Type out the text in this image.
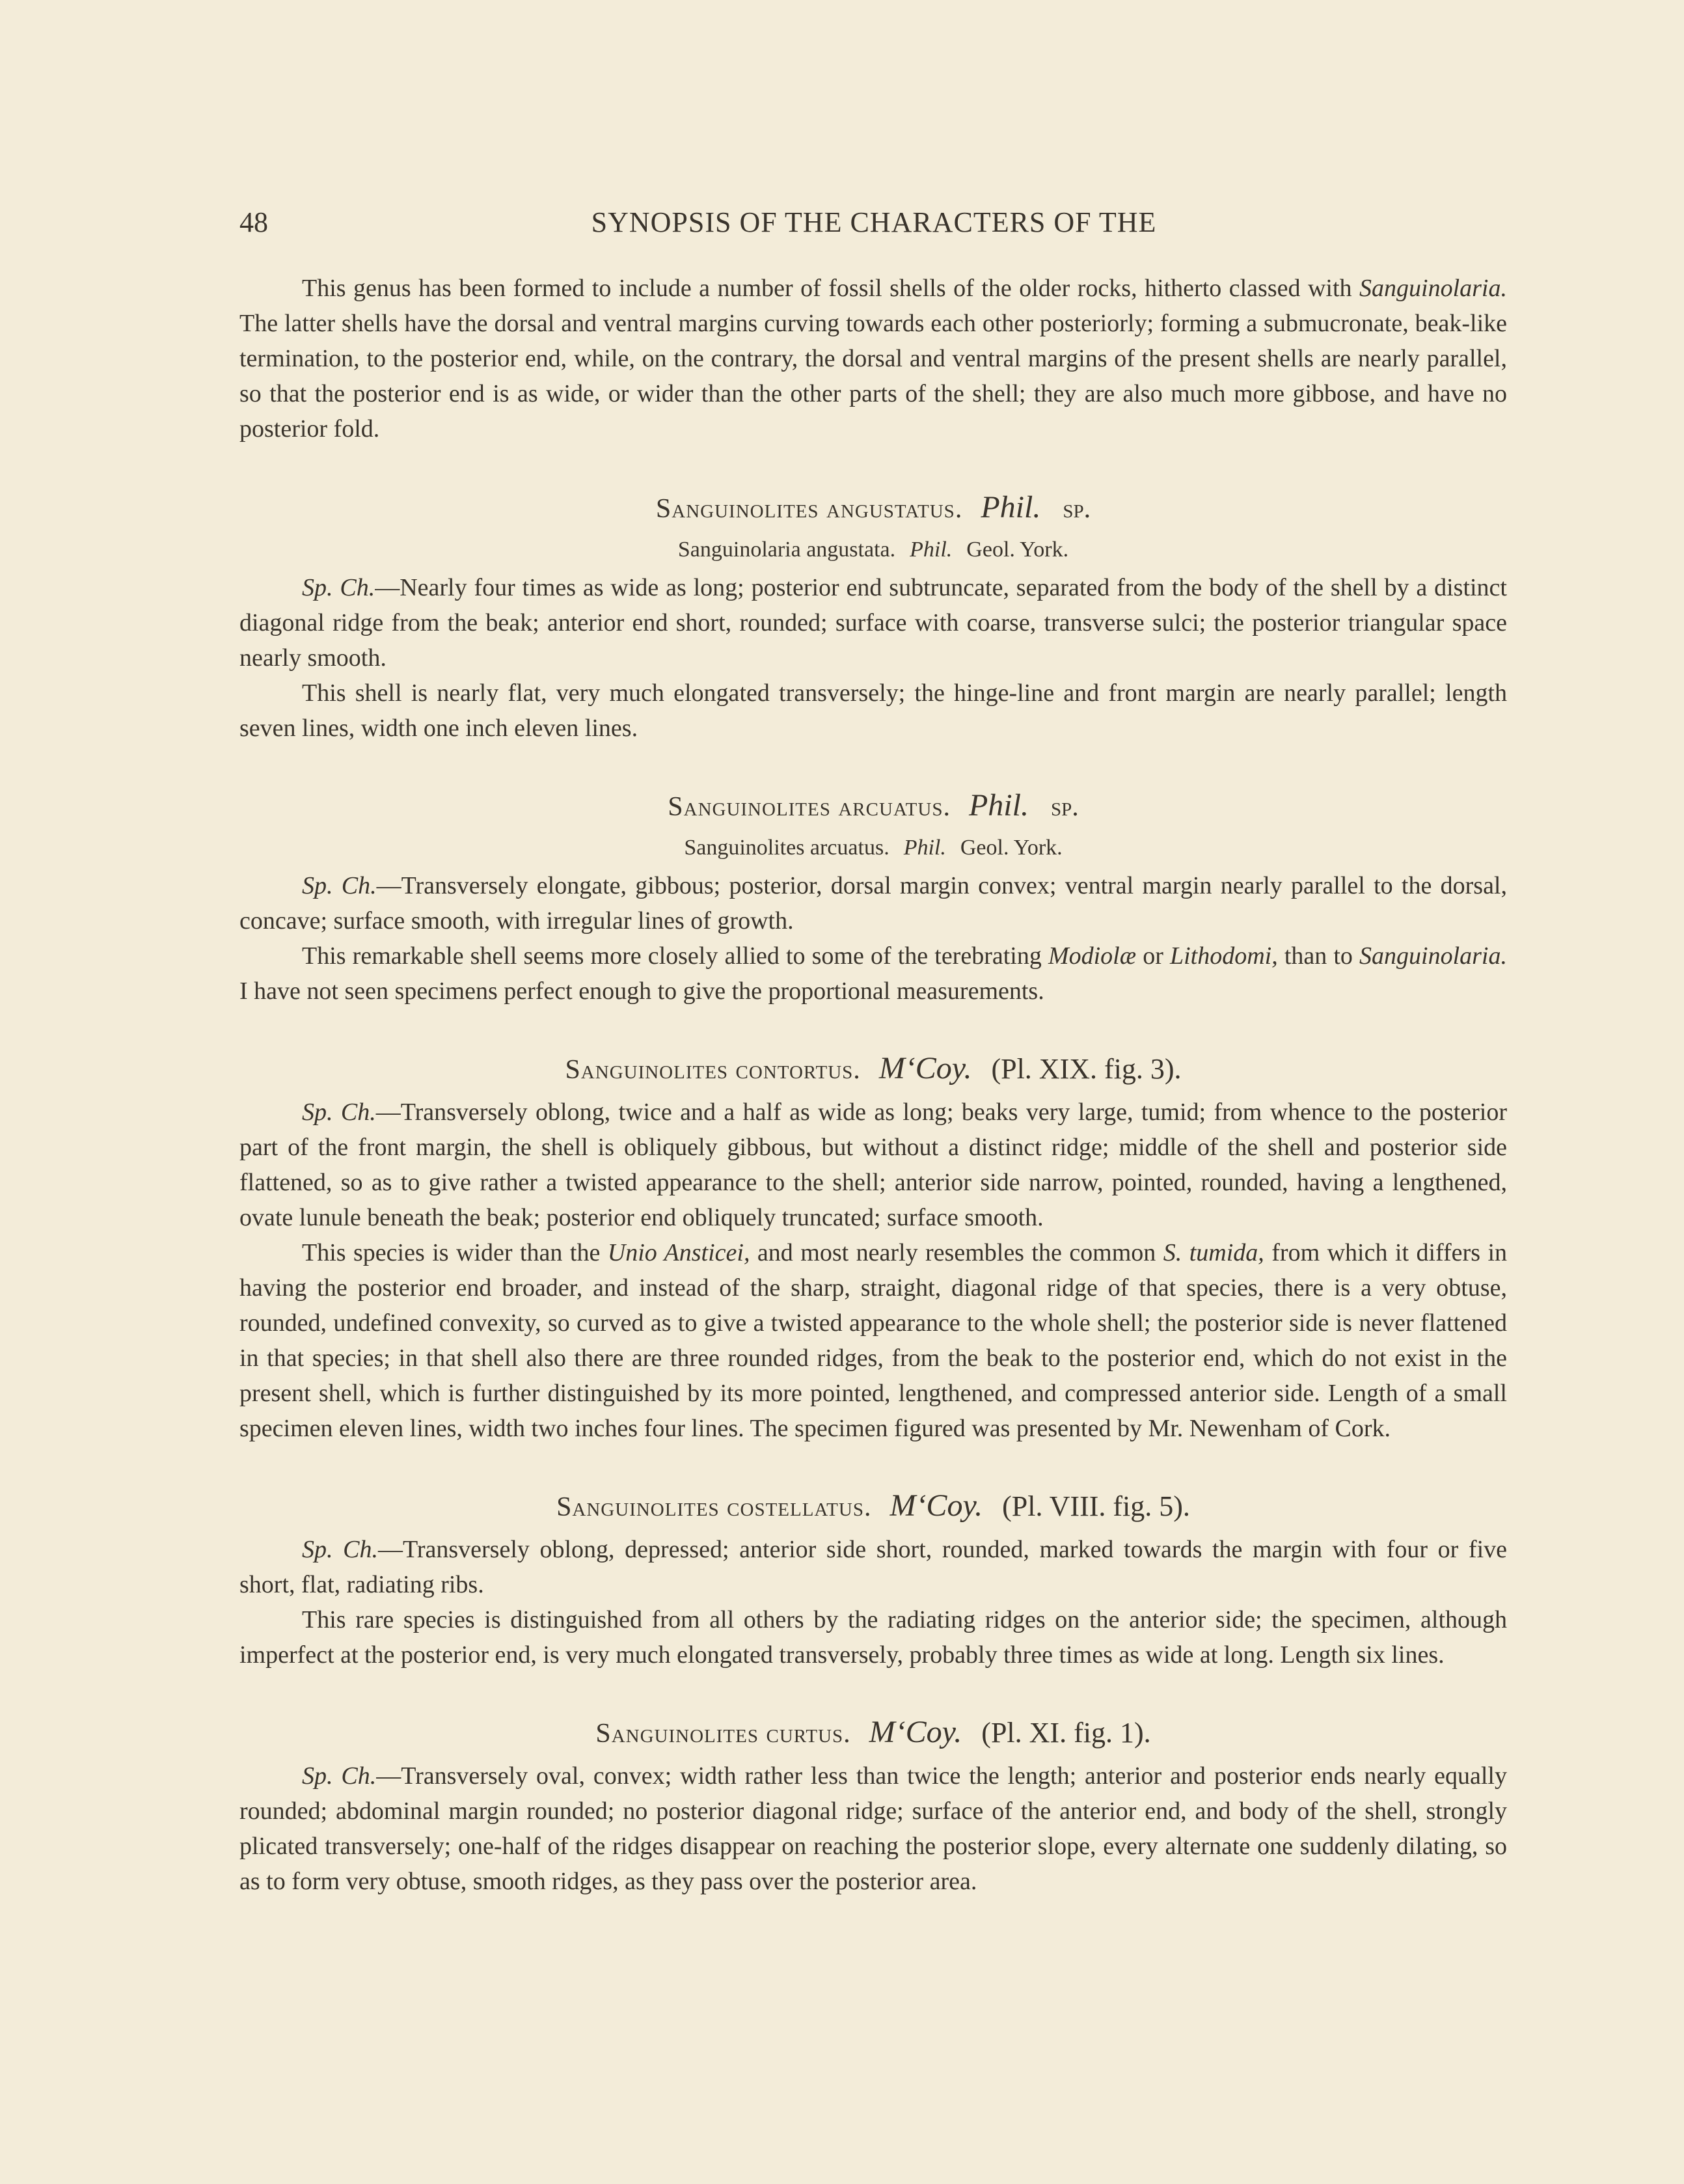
48	SYNOPSIS OF THE CHARACTERS OF THE

This genus has been formed to include a number of fossil shells of the older rocks, hitherto classed with Sanguinolaria. The latter shells have the dorsal and ventral margins curving towards each other posteriorly; forming a submucronate, beak-like termination, to the posterior end, while, on the contrary, the dorsal and ventral margins of the present shells are nearly parallel, so that the posterior end is as wide, or wider than the other parts of the shell; they are also much more gibbose, and have no posterior fold.

Sanguinolites angustatus. Phil. sp.

Sanguinolaria angustata. Phil. Geol. York.

Sp. Ch.—Nearly four times as wide as long; posterior end subtruncate, separated from the body of the shell by a distinct diagonal ridge from the beak; anterior end short, rounded; surface with coarse, transverse sulci; the posterior triangular space nearly smooth.

This shell is nearly flat, very much elongated transversely; the hinge-line and front margin are nearly parallel; length seven lines, width one inch eleven lines.

Sanguinolites arcuatus. Phil. sp.

Sanguinolites arcuatus. Phil. Geol. York.

Sp. Ch.—Transversely elongate, gibbous; posterior, dorsal margin convex; ventral margin nearly parallel to the dorsal, concave; surface smooth, with irregular lines of growth.

This remarkable shell seems more closely allied to some of the terebrating Modiolæ or Lithodomi, than to Sanguinolaria. I have not seen specimens perfect enough to give the proportional measurements.

Sanguinolites contortus. M‘Coy. (Pl. XIX. fig. 3).

Sp. Ch.—Transversely oblong, twice and a half as wide as long; beaks very large, tumid; from whence to the posterior part of the front margin, the shell is obliquely gibbous, but without a distinct ridge; middle of the shell and posterior side flattened, so as to give rather a twisted appearance to the shell; anterior side narrow, pointed, rounded, having a lengthened, ovate lunule beneath the beak; posterior end obliquely truncated; surface smooth.

This species is wider than the Unio Ansticei, and most nearly resembles the common S. tumida, from which it differs in having the posterior end broader, and instead of the sharp, straight, diagonal ridge of that species, there is a very obtuse, rounded, undefined convexity, so curved as to give a twisted appearance to the whole shell; the posterior side is never flattened in that species; in that shell also there are three rounded ridges, from the beak to the posterior end, which do not exist in the present shell, which is further distinguished by its more pointed, lengthened, and compressed anterior side. Length of a small specimen eleven lines, width two inches four lines. The specimen figured was presented by Mr. Newenham of Cork.

Sanguinolites costellatus. M‘Coy. (Pl. VIII. fig. 5).

Sp. Ch.—Transversely oblong, depressed; anterior side short, rounded, marked towards the margin with four or five short, flat, radiating ribs.

This rare species is distinguished from all others by the radiating ridges on the anterior side; the specimen, although imperfect at the posterior end, is very much elongated transversely, probably three times as wide at long. Length six lines.

Sanguinolites curtus. M‘Coy. (Pl. XI. fig. 1).

Sp. Ch.—Transversely oval, convex; width rather less than twice the length; anterior and posterior ends nearly equally rounded; abdominal margin rounded; no posterior diagonal ridge; surface of the anterior end, and body of the shell, strongly plicated transversely; one-half of the ridges disappear on reaching the posterior slope, every alternate one suddenly dilating, so as to form very obtuse, smooth ridges, as they pass over the posterior area.
